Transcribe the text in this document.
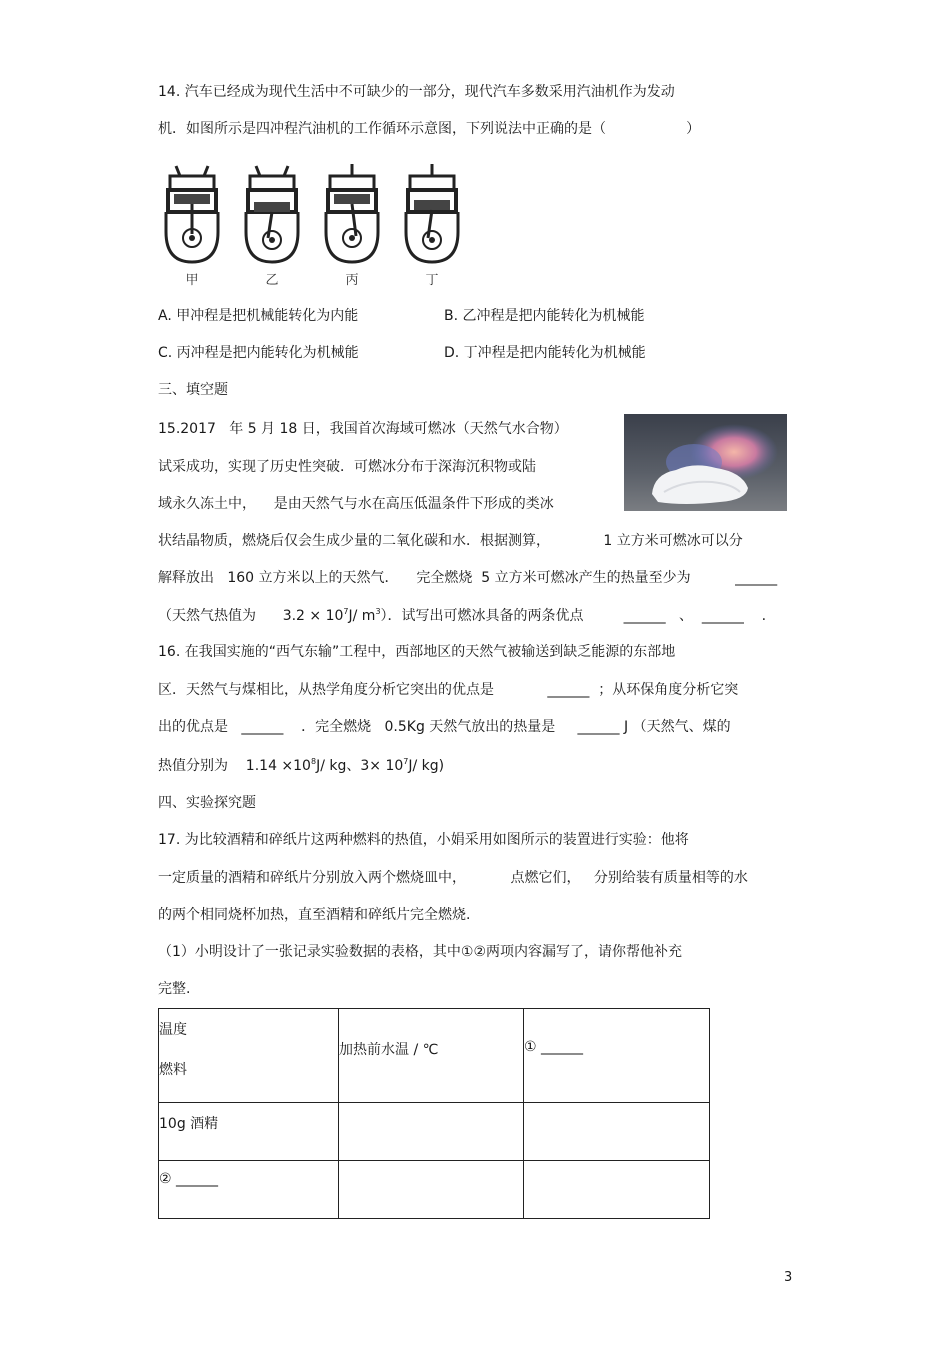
14. 汽车已经成为现代生活中不可缺少的一部分，现代汽车多数采用汽油机作为发动
机．如图所示是四冲程汽油机的工作循环示意图，下列说法中正确的是（                  ）
甲	乙	丙	丁
A. 甲冲程是把机械能转化为内能	B. 乙冲程是把内能转化为机械能
C. 丙冲程是把内能转化为机械能	D. 丁冲程是把内能转化为机械能
三、填空题
15.2017   年 5 月 18 日，我国首次海域可燃冰（天然气水合物）
试采成功，实现了历史性突破．可燃冰分布于深海沉积物或陆
域永久冻土中，    是由天然气与水在高压低温条件下形成的类冰
状结晶物质，燃烧后仅会生成少量的二氧化碳和水．根据测算，            1 立方米可燃冰可以分
解释放出   160 立方米以上的天然气．    完全燃烧  5 立方米可燃冰产生的热量至少为          ______
（天然气热值为      $3.2 \times 10^7J/$ $m^3$）．试写出可燃冰具备的两条优点         ______   、  ______    .
16. 在我国实施的“西气东输”工程中，西部地区的天然气被输送到缺乏能源的东部地
区．天然气与煤相比，从热学角度分析它突出的优点是            ______  ；从环保角度分析它突
出的优点是   ______    ．完全燃烧   0.5Kg 天然气放出的热量是     ______ J （天然气、煤的
热值分别为    $1.14 \times 10^8J/$ kg、$3\times 10^7J/$ kg)
四、实验探究题
17. 为比较酒精和碎纸片这两种燃料的热值，小娟采用如图所示的装置进行实验：他将
一定质量的酒精和碎纸片分别放入两个燃烧皿中，          点燃它们，   分别给装有质量相等的水
的两个相同烧杯加热，直至酒精和碎纸片完全燃烧.
（1）小明设计了一张记录实验数据的表格，其中①②两项内容漏写了，请你帮他补充
完整.
温度
燃料	加热前水温 / ℃	① ______

10g 酒精		

② ______		

3
